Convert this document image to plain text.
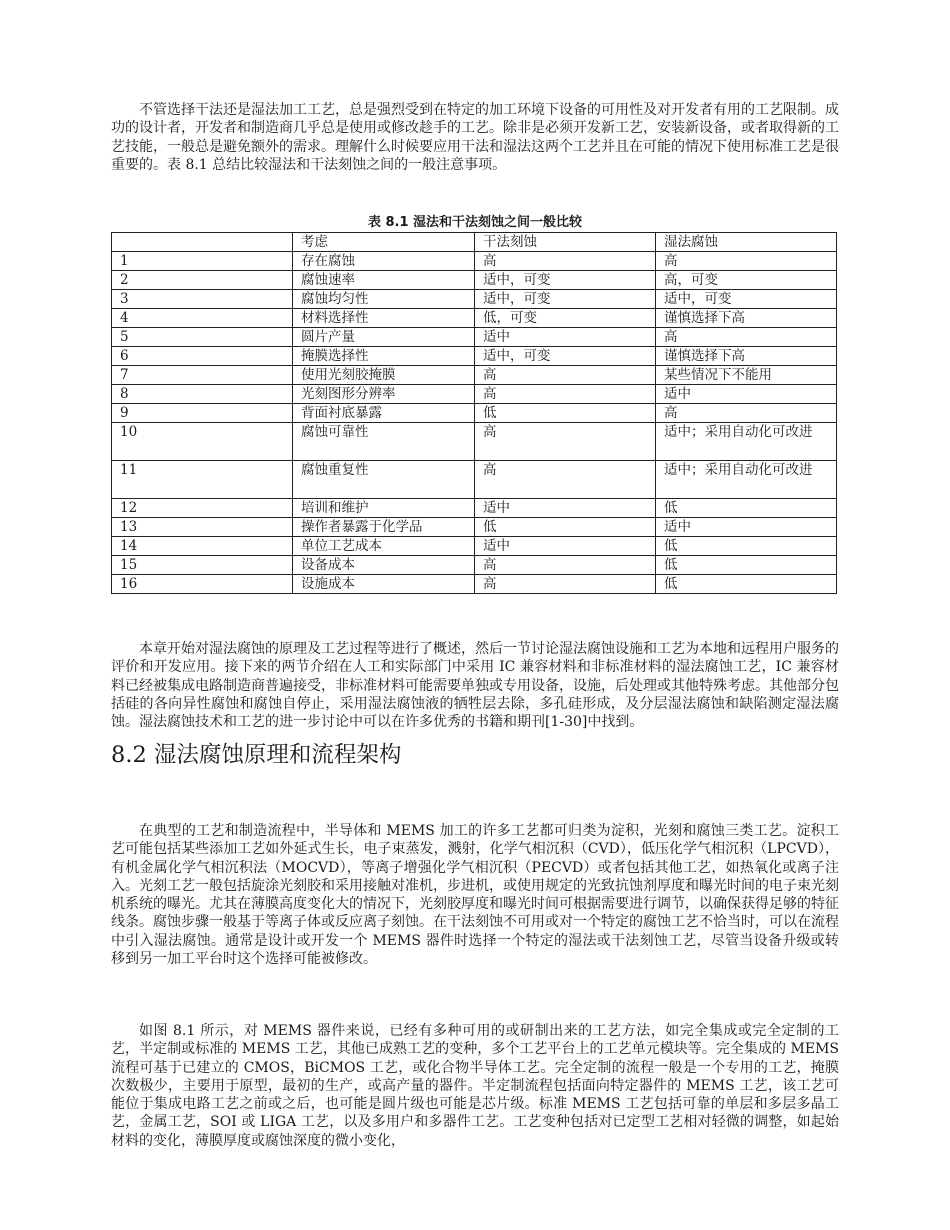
不管选择干法还是湿法加工工艺，总是强烈受到在特定的加工环境下设备的可用性及对开发者有用的工艺限制。成功的设计者，开发者和制造商几乎总是使用或修改趁手的工艺。除非是必须开发新工艺，安装新设备，或者取得新的工艺技能，一般总是避免额外的需求。理解什么时候要应用干法和湿法这两个工艺并且在可能的情况下使用标准工艺是很重要的。表 8.1 总结比较湿法和干法刻蚀之间的一般注意事项。

表 8.1 湿法和干法刻蚀之间一般比较
	考虑	干法刻蚀	湿法腐蚀
1	存在腐蚀	高	高
2	腐蚀速率	适中，可变	高，可变
3	腐蚀均匀性	适中，可变	适中，可变
4	材料选择性	低，可变	谨慎选择下高
5	圆片产量	适中	高
6	掩膜选择性	适中，可变	谨慎选择下高
7	使用光刻胶掩膜	高	某些情况下不能用
8	光刻图形分辨率	高	适中
9	背面衬底暴露	低	高
10	腐蚀可靠性	高	适中；采用自动化可改进
11	腐蚀重复性	高	适中；采用自动化可改进
12	培训和维护	适中	低
13	操作者暴露于化学品	低	适中
14	单位工艺成本	适中	低
15	设备成本	高	低
16	设施成本	高	低

本章开始对湿法腐蚀的原理及工艺过程等进行了概述，然后一节讨论湿法腐蚀设施和工艺为本地和远程用户服务的评价和开发应用。接下来的两节介绍在人工和实际部门中采用 IC 兼容材料和非标准材料的湿法腐蚀工艺，IC 兼容材料已经被集成电路制造商普遍接受，非标准材料可能需要单独或专用设备，设施，后处理或其他特殊考虑。其他部分包括硅的各向异性腐蚀和腐蚀自停止，采用湿法腐蚀液的牺牲层去除，多孔硅形成，及分层湿法腐蚀和缺陷测定湿法腐蚀。湿法腐蚀技术和工艺的进一步讨论中可以在许多优秀的书籍和期刊[1-30]中找到。

8.2 湿法腐蚀原理和流程架构

在典型的工艺和制造流程中，半导体和 MEMS 加工的许多工艺都可归类为淀积，光刻和腐蚀三类工艺。淀积工艺可能包括某些添加工艺如外延式生长，电子束蒸发，溅射，化学气相沉积（CVD），低压化学气相沉积（LPCVD），有机金属化学气相沉积法（MOCVD），等离子增强化学气相沉积（PECVD）或者包括其他工艺，如热氧化或离子注入。光刻工艺一般包括旋涂光刻胶和采用接触对准机，步进机，或使用规定的光致抗蚀剂厚度和曝光时间的电子束光刻机系统的曝光。尤其在薄膜高度变化大的情况下，光刻胶厚度和曝光时间可根据需要进行调节，以确保获得足够的特征线条。腐蚀步骤一般基于等离子体或反应离子刻蚀。在干法刻蚀不可用或对一个特定的腐蚀工艺不恰当时，可以在流程中引入湿法腐蚀。通常是设计或开发一个 MEMS 器件时选择一个特定的湿法或干法刻蚀工艺，尽管当设备升级或转移到另一加工平台时这个选择可能被修改。

如图 8.1 所示，对 MEMS 器件来说，已经有多种可用的或研制出来的工艺方法，如完全集成或完全定制的工艺，半定制或标准的 MEMS 工艺，其他已成熟工艺的变种，多个工艺平台上的工艺单元模块等。完全集成的 MEMS 流程可基于已建立的 CMOS，BiCMOS 工艺，或化合物半导体工艺。完全定制的流程一般是一个专用的工艺，掩膜次数极少，主要用于原型，最初的生产，或高产量的器件。半定制流程包括面向特定器件的 MEMS 工艺，该工艺可能位于集成电路工艺之前或之后，也可能是圆片级也可能是芯片级。标准 MEMS 工艺包括可靠的单层和多层多晶工艺，金属工艺，SOI 或 LIGA 工艺，以及多用户和多器件工艺。工艺变种包括对已定型工艺相对轻微的调整，如起始材料的变化，薄膜厚度或腐蚀深度的微小变化，
